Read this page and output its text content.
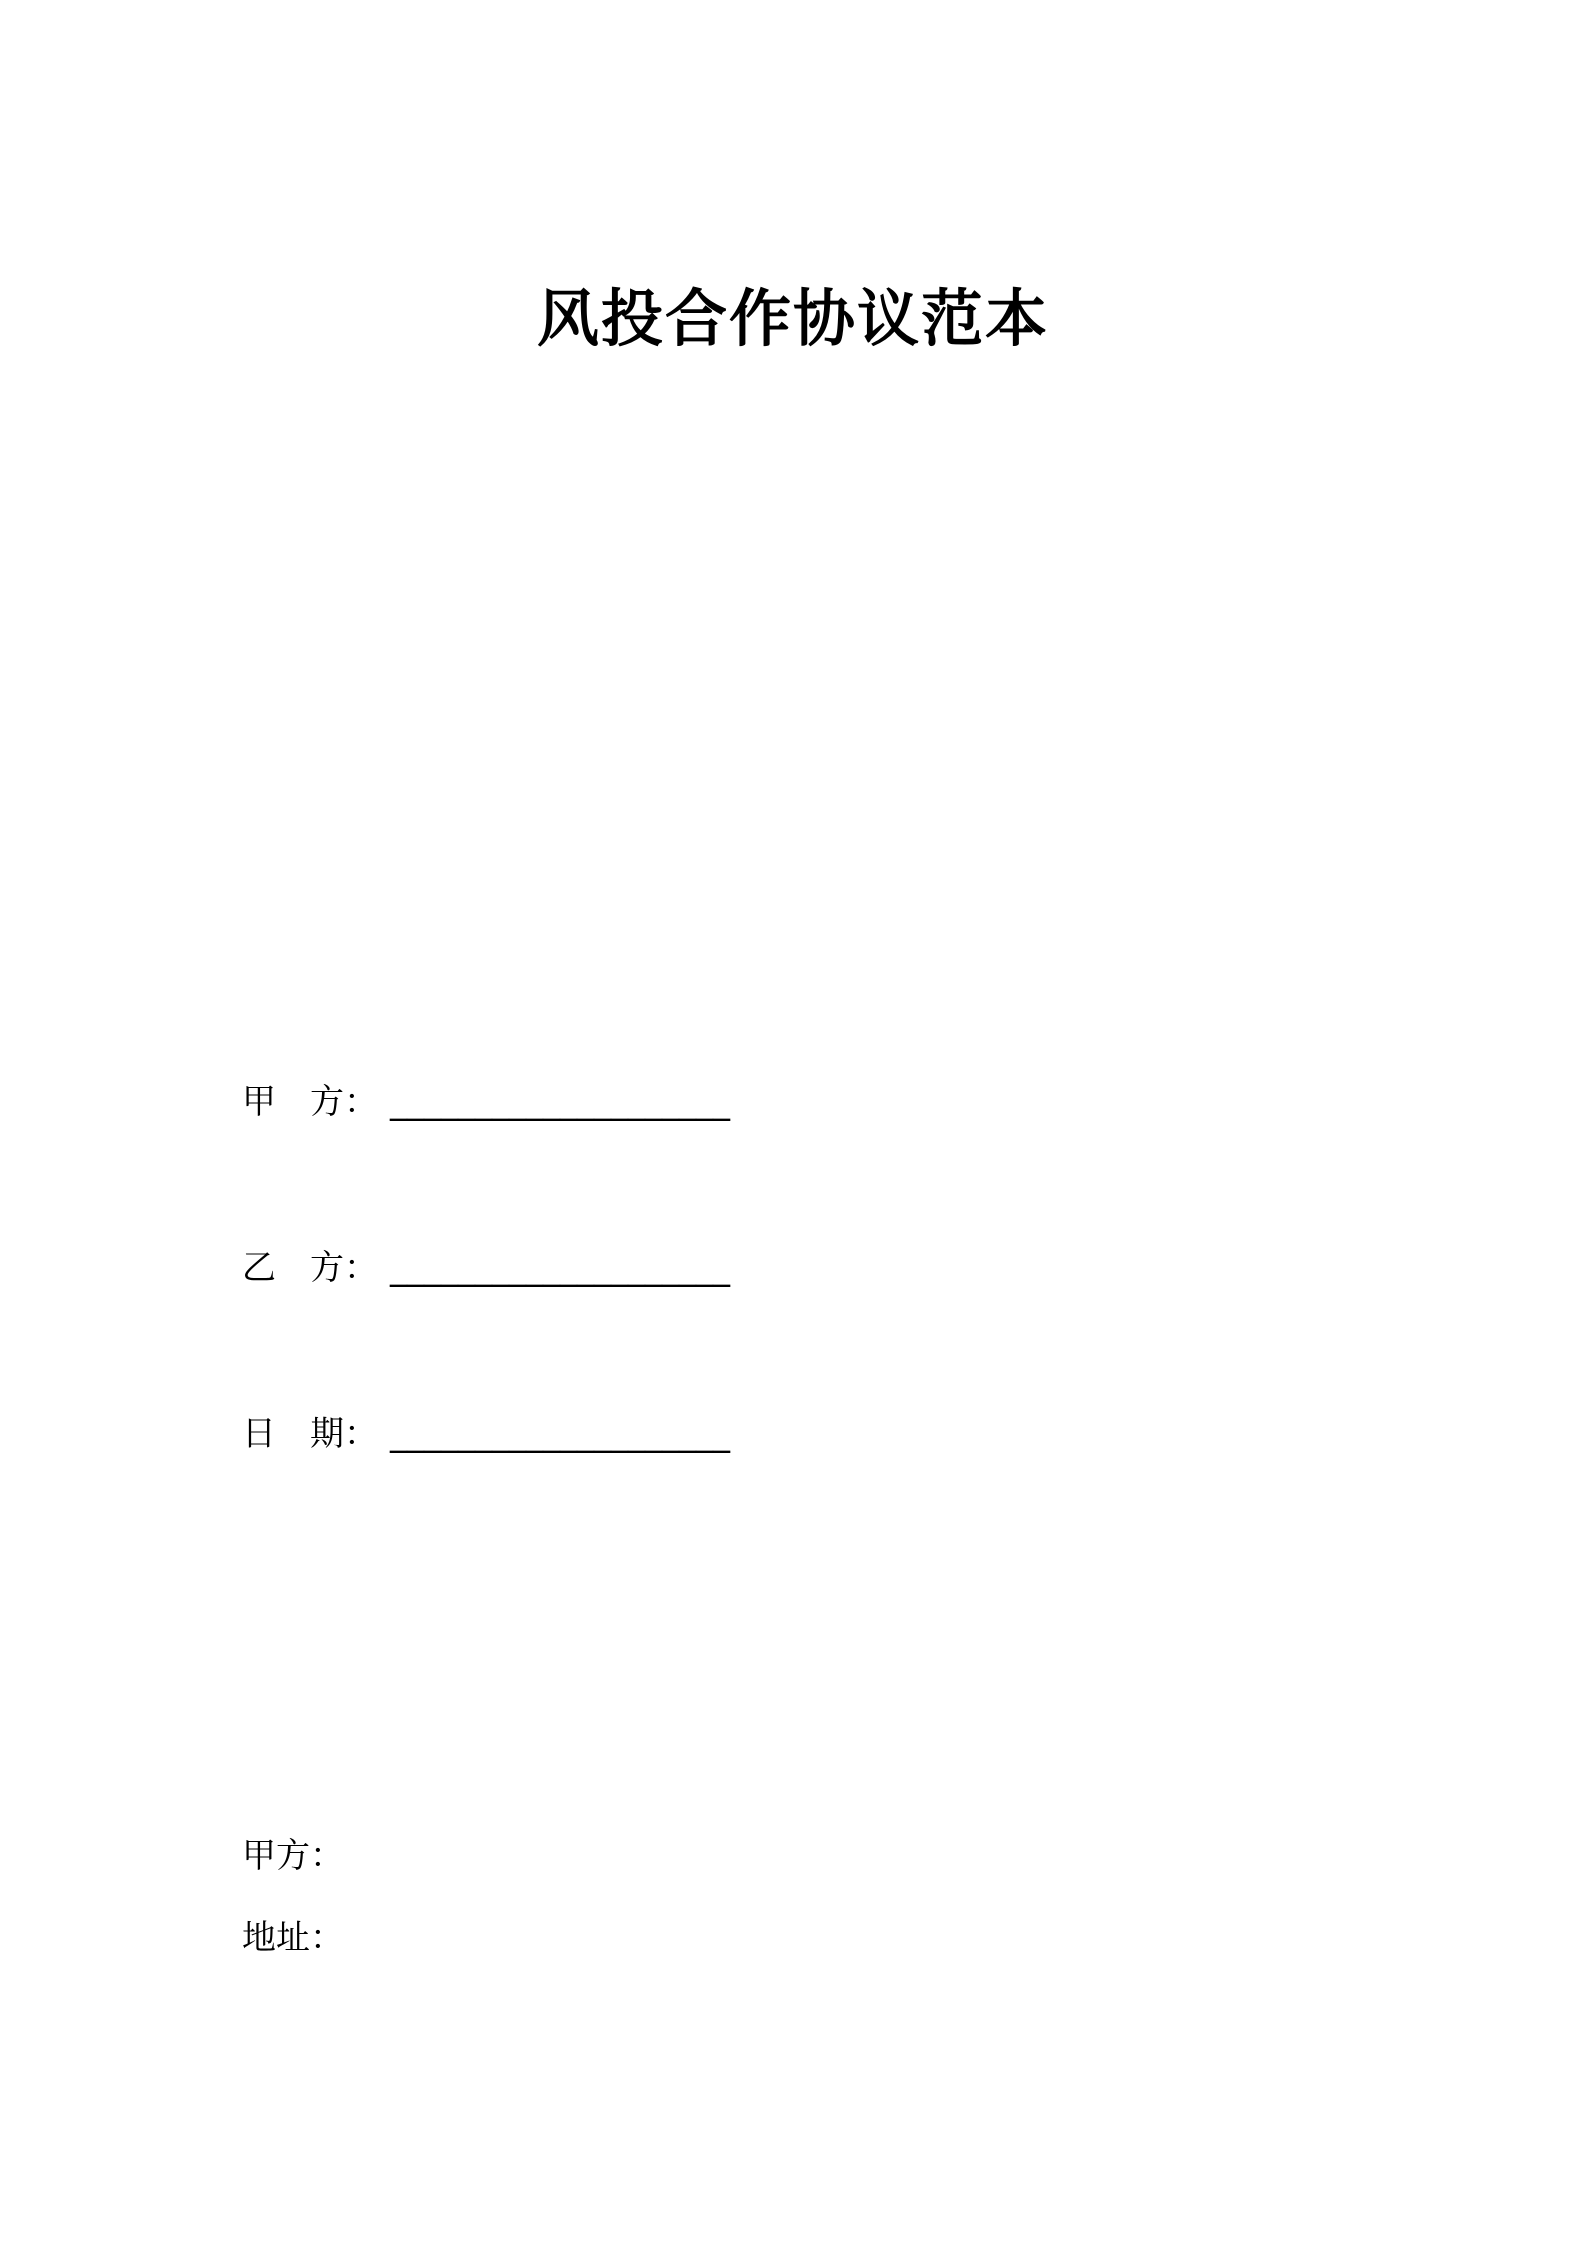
风投合作协议范本
甲　方： ____________________
乙　方： ____________________
日　期： ____________________
甲方：
地址：
